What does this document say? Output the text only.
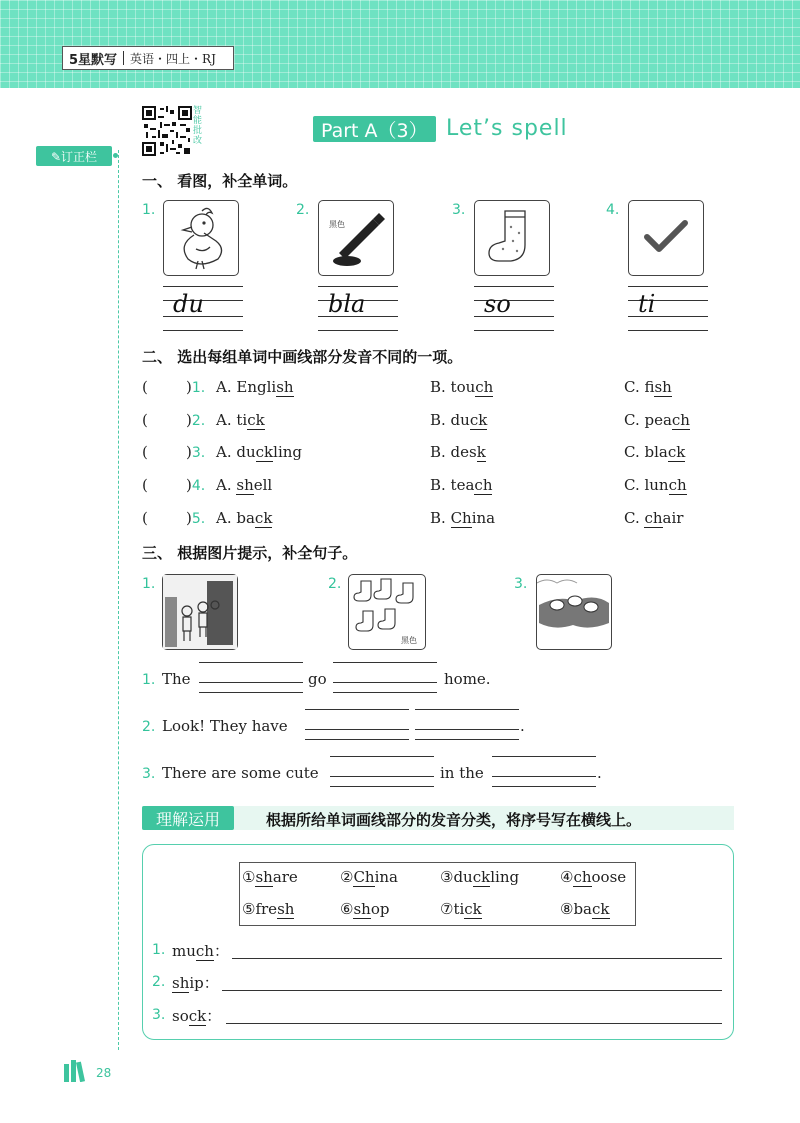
5星默写	英语・四上・RJ
✎订正栏
智能批改	Part A（3） Let’s spell
一、 看图，补全单词。
1.	2.
黑色
3.	4.
du	bla	so	ti
二、 选出每组单词中画线部分发音不同的一项。
(	)1. A. English	B. touch	C. fish
(	)2. A. tick	B. duck	C. peach
(	)3. A. duckling	B. desk	C. black
(	)4. A. shell	B. teach	C. lunch
(	)5. A. back	B. China	C. chair
三、 根据图片提示，补全句子。
1.	2.
黑色
3.
1. The	go	home.
2. Look! They have	.
3. There are some cute	in the	.
理解运用	根据所给单词画线部分的发音分类，将序号写在横线上。
①share	②China	③duckling	④choose
⑤fresh	⑥shop	⑦tick	⑧back
1. much：
2. ship：
3. sock：
28
